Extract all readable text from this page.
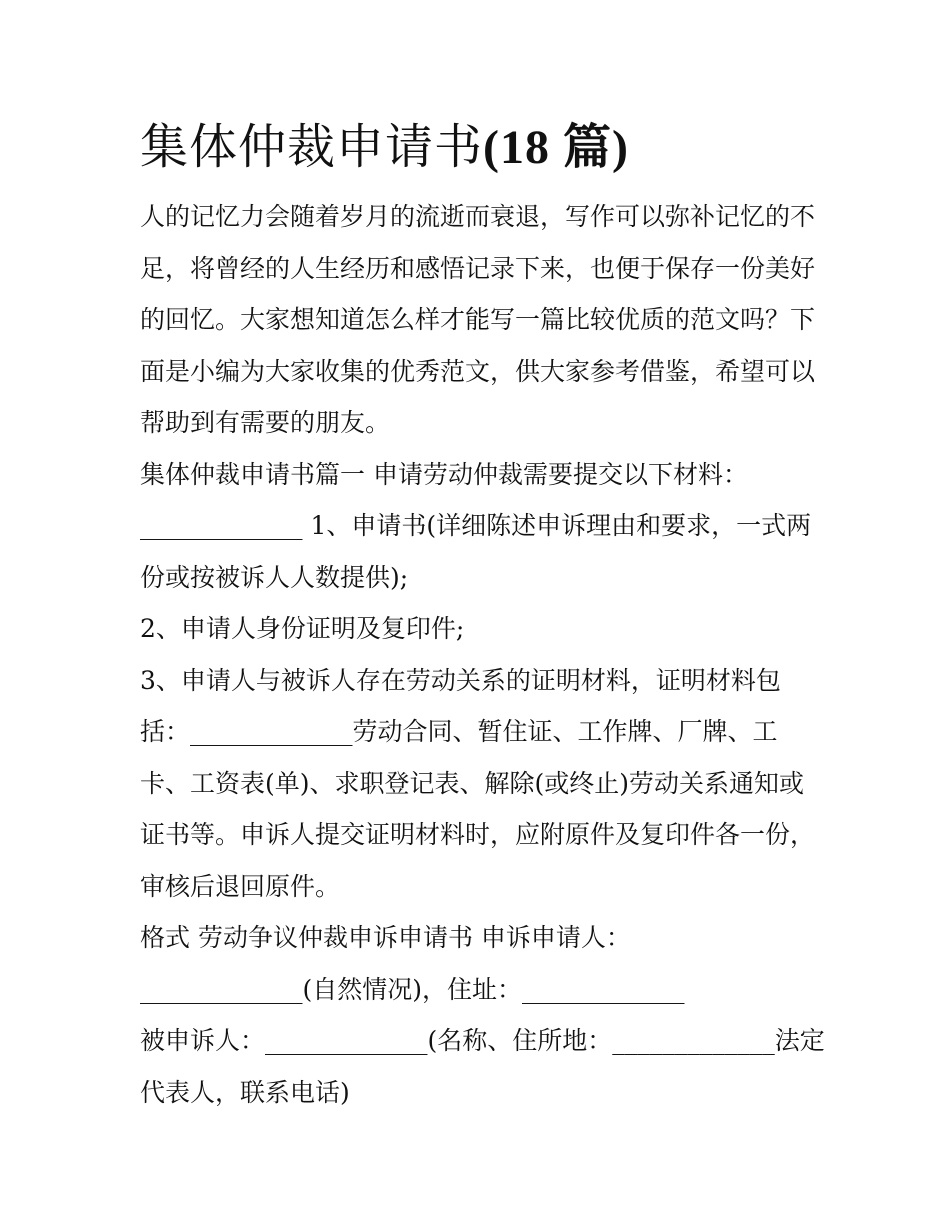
集体仲裁申请书(18 篇)
人的记忆力会随着岁月的流逝而衰退，写作可以弥补记忆的不
足，将曾经的人生经历和感悟记录下来，也便于保存一份美好
的回忆。大家想知道怎么样才能写一篇比较优质的范文吗？下
面是小编为大家收集的优秀范文，供大家参考借鉴，希望可以
帮助到有需要的朋友。
集体仲裁申请书篇一 申请劳动仲裁需要提交以下材料：
_____________ 1、申请书(详细陈述申诉理由和要求，一式两
份或按被诉人人数提供);
2、申请人身份证明及复印件;
3、申请人与被诉人存在劳动关系的证明材料，证明材料包
括：_____________劳动合同、暂住证、工作牌、厂牌、工
卡、工资表(单)、求职登记表、解除(或终止)劳动关系通知或
证书等。申诉人提交证明材料时，应附原件及复印件各一份，
审核后退回原件。
格式 劳动争议仲裁申诉申请书 申诉申请人：
_____________(自然情况)，住址：_____________
被申诉人：_____________(名称、住所地：_____________法定
代表人，联系电话)
